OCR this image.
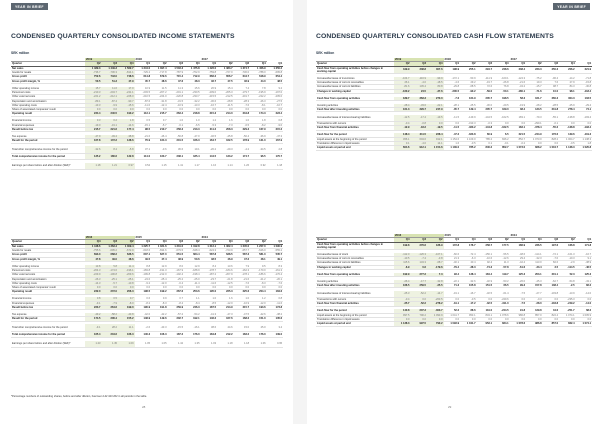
YEAR IN BRIEF
CONDENSED QUARTERLY CONSOLIDATED INCOME STATEMENTS
SEK million
	2019			2018				2017				
Quarter	Q2	Q3	Q4	Q1	Q2	Q3	Q4	Q1	Q2	Q3	Q4	Q1
Net sales	1 489.3	1 449.3	1 562.7	1 344.0	1 397.4	1 503.3	1 475.8	1 426.0	1 383.7	1 374.7	1 406.9	1 350.2
Goods for resale	-736.7	-706.3	-814.1	-729.2	-717.8	-787.9	-762.9	-759.8	-727.0	-730.0	-788.0	-695.8
Gross profit	752.6	743.0	748.6	614.8	679.6	715.4	712.9	666.2	656.7	644.7	618.9	654.4
Gross profit margin, %	50.5	51.3	47.9	45.7	48.6	47.6	48.3	46.7	47.5	46.9	44.0	48.5

Other operating income	15.7	11.6	17.0	10.9	11.5	11.3	15.6	20.9	15.4	7.4	7.8	9.2
Personnel costs	-210.3	-204.7	-241.1	-203.5	-207.2	-201.1	-230.5	-209.0	-205.3	-179.7	-195.9	-197.0
Other external costs	-221.2	-212.1	-228.0	-210.5	-224.0	-220.8	-233.7	-215.5	-212.5	-201.7	-222.2	-205.0
Depreciation and amortisation	-89.1	-87.4	-90.7	-87.6	-31.8	-31.5	-32.2	-30.6	-28.8	-28.3	-26.3	-27.5
Other operating costs	-13.3	-9.9	-15.6	-11.0	-12.4	-10.9	-13.3	-16.7	-11.5	-7.6	-8.1	-10.7
Share of associated companies' result	0.0	0.0	0.0	0.0	0.0	0.0	0.0	0.0	0.0	0.0	0.0	0.0
Operating result	234.4	240.5	190.2	113.1	215.7	263.4	218.8	215.3	214.0	234.8	174.3	223.4

Financial income	0.3	0.2	1.8	0.5	0.7	1.0	1.0	1.2	1.6	1.0	1.8	0.8
Financial expenses	-19.0	-19.1	-14.6	-15.1	-5.7	-6.1	-6.5	-5.3	-7.3	-6.5	-8.2	-9.0
Result before tax	215.7	221.6	177.4	98.5	210.7	258.3	213.3	211.2	208.3	229.3	167.9	215.2

Tax expense	-47.9	-49.4	-38.8	-21.6	-46.4	-56.8	-47.0	-46.5	-45.8	-50.4	-36.9	-47.3
Result for the period	167.8	172.2	138.6	76.9	164.3	201.5	166.3	164.7	162.5	178.9	131.0	167.9

Total other comprehensive income for the period	-32.6	8.4	-5.8	37.1	-0.6	36.6	19.1	-20.2	-29.3	-4.2	-34.5	2.8
Total comprehensive income for the period	135.2	180.6	132.8	114.0	163.7	238.1	185.4	144.5	133.2	174.7	96.5	170.7

Earnings per share before and after dilution (SEK)*	1.18	1.21	0.97	0.54	1.15	1.41	1.17	1.16	1.14	1.26	0.92	1.18
	2016			2015				2014				
Quarter	Q4	Q3	Q2	Q1	Q4	Q3	Q2	Q1	Q4	Q3	Q2	Q1
Net sales	1 448.6	1 363.4	1 309.4	1 225.7	1 321.6	1 331.0	1 312.8	1 212.1	1 362.4	1 245.0	1 207.0	1 090.9
Goods for resale	-755.6	-695.2	-672.9	-618.6	-694.6	-679.5	-648.4	-624.3	-723.9	-657.7	-626.0	-555.2
Gross profit	693.0	668.2	636.5	607.1	627.0	651.5	664.4	587.8	638.5	587.3	581.0	535.7
Gross profit margin, %	47.8	49.0	48.6	49.5	47.4	48.9	50.6	48.5	46.9	47.2	48.1	49.1

Other operating income	13.8	5.8	11.4	8.8	12.9	8.0	12.9	8.4	13.6	7.9	9.5	8.3
Personnel costs	-204.3	-174.6	-196.1	-183.8	-191.3	-167.9	-188.9	-178.7	-184.6	-162.3	-170.0	-161.3
Other external costs	-229.9	-196.8	-209.6	-199.8	-212.0	-192.4	-198.4	-187.2	-207.9	-178.1	-186.6	-170.4
Depreciation and amortisation	-26.3	-25.1	-25.1	-24.6	-25.4	-25.2	-25.0	-23.7	-21.8	-21.6	-21.2	-20.1
Other operating costs	-14.3	-5.7	-10.8	-9.2	-12.0	-6.4	-11.4	-11.6	-12.5	-7.6	-8.3	-7.6
Share of associated companies' result	0.0	0.0	0.0	0.0	0.0	0.0	0.0	0.0	0.0	0.0	0.0	0.0
Operating result	232.0	272.0	206.3	198.5	199.2	267.6	253.6	195.0	225.3	225.6	204.4	184.6

Financial income	0.8	0.5	0.7	0.6	0.9	0.7	1.1	1.0	1.6	1.0	1.2	0.8
Financial expenses	-9.1	-7.9	-8.0	-8.2	-8.3	-8.4	-8.4	-8.5	-12.0	-10.9	-12.0	-11.6
Result before tax	223.7	264.6	199.0	190.9	191.8	259.9	246.3	187.5	214.9	215.7	193.6	173.8

Tax expense	-49.2	-58.2	-43.8	-42.0	-42.2	-57.2	-54.2	-41.3	-47.3	-47.5	-42.6	-38.2
Result for the period	174.5	206.4	155.2	148.9	149.6	202.7	192.1	146.2	167.6	168.2	151.0	135.6

Total other comprehensive income for the period	-9.1	28.2	11.1	-2.6	-43.3	-15.5	-16.1	38.6	44.6	15.0	25.0	3.4
Total comprehensive income for the period	165.4	234.6	166.3	146.3	106.3	187.2	176.0	184.8	212.2	183.2	176.0	139.0

Earnings per share before and after dilution (SEK)*	1.23	1.45	1.09	1.05	1.05	1.42	1.35	1.03	1.18	1.18	1.06	0.95
*Percentage numbers of outstanding shares, before and after dilution, has been 142 423 262 in all periods in the table.
28
YEAR IN BRIEF
CONDENSED QUARTERLY CONSOLIDATED CASH FLOW STATEMENTS
SEK million
	2019			2018				2017				
Quarter	Q2	Q3	Q4	Q1	Q2	Q3	Q4	Q1	Q2	Q3	Q4	Q1
Cash flow from operating activities before changes in working capital	349.9	338.8	307.6	198.9	255.1	294.7	248.6	238.4	233.3	250.3	206.2	221.9

Increase/decrease of inventories	-104.7	-116.9	-99.9	-172.1	-50.9	-111.9	-100.1	-124.3	-75.2	-96.4	-14.2	-71.8
Increase/decrease of current receivables	26.1	-4.0	-18.5	-4.6	29.2	-19.7	-26.8	-21.6	19.3	7.6	27.9	-15.8
Increase/decrease of current liabilities	-81.6	145.4	80.8	-29.8	-68.5	72.6	76.8	-34.2	-15.7	98.7	84.3	-30.8
Changes in working capital	-160.2	24.5	-37.6	-206.5	-90.2	-59.0	-50.1	-180.1	-71.6	10.0	98.1	-118.4

Cash flow from operating activities	189.7	363.3	270.0	-7.6	164.9	235.7	198.5	58.3	161.7	260.3	304.3	103.5

Investing activities	-28.4	-33.6	-22.1	-28.1	-25.5	-30.0	-29.5	-19.9	-28.2	-28.5	-25.9	-29.4
Cash flow after investing activities	161.3	329.7	247.9	-35.7	139.4	205.7	169.0	38.4	133.5	231.8	278.4	74.1

Increase/decrease of interest-bearing liabilities	-12.5	-17.4	-19.5	-11.5	-149.9	-144.5	-162.5	183.1	-79.3	-55.1	-138.8	-193.4
Transactions with owners	-0.4	-0.8	0.0	0.0	-313.3	-0.3	0.0	0.0	-299.1	-0.1	0.0	0.0
Cash flow from financial activities	-12.9	-18.2	-19.5	-11.5	-463.2	-144.8	-162.5	183.1	-378.4	-55.2	-138.8	-193.4

Cash flow for the period	148.4	311.5	228.4	-47.2	-323.8	60.9	6.5	221.5	-244.9	176.6	139.6	-119.3
Liquid assets at the beginning of the period	456.1	604.6	912.1	1 154.6	1 109.0	785.2	846.2	852.7	1 073.0	828.2	1 004.7	1 138.3
Translation difference in liquid assets	0.1	-4.0	14.1	1.6	-0.5	0.1	-0.1	-0.2	0.0	0.0	-0.5	1.8
Liquid assets at period end	604.6	912.1	1 154.6	1 109.0	785.2	846.2	852.7	1 073.0	828.2	1 004.7	1 138.3	1 020.8
	2016			2015				2014				
Quarter	Q4	Q3	Q2	Q1	Q4	Q3	Q2	Q1	Q4	Q3	Q2	Q1
Cash flow from operating activities before changes in working capital	199.8	276.6	186.9	172.8	176.7	258.7	177.5	186.9	236.5	197.6	166.8	171.8

Increase/decrease of stock	-112.0	-126.3	-107.1	-60.6	-72.4	-156.1	-56.5	-48.6	-114.1	-72.1	-101.3	-16.7
Increase/decrease of current receivables	-10.5	-7.4	-3.8	21.3	-6.3	-10.6	-12.6	29.4	-32.3	-7.0	-10.3	9.1
Increase/decrease of current liabilities	115.6	134.3	-68.7	-40.1	40.4	92.4	11.3	-42.4	113.0	82.6	-2.9	-38.9
Changes in working capital	-6.9	0.6	-179.6	-79.4	-38.3	-74.3	-57.8	-61.6	-33.4	3.5	-114.5	-46.5

Cash flow from operating activities	192.9	277.2	7.3	93.4	138.4	184.4	119.7	125.3	203.1	201.1	52.3	125.3

Investing activities	-26.4	-17.7	-32.8	-22.1	-32.6	-32.9	-53.2	-26.0	-45.3	-62.7	-54.8	-43.1
Cash flow after investing activities	166.5	259.5	-25.5	71.3	105.8	151.5	66.5	99.3	157.8	138.4	-2.5	82.2

Increase/decrease of interest-bearing liabilities	-25.3	-52.2	-14.7	-19.1	-16.7	-32.5	-61.4	-7.5	-27.7	-103.8	-13.9	-14.0
Transactions with owners	-0.4	0.0	-263.5	0.0	-0.5	0.0	-249.6	0.0	-0.3	0.0	-235.3	0.0
Cash flow from financial activities	-25.7	-52.2	-278.2	-19.1	-17.2	-32.5	-311.0	-7.5	-28.0	-103.8	-249.2	-14.0

Cash flow for the period	140.8	207.3	-303.7	52.2	88.6	119.0	-244.5	91.8	129.8	34.6	-251.7	68.2
Liquid assets at the beginning of the period	997.5	790.2	1 093.9	1 041.7	953.1	834.1	1 078.6	986.8	857.0	822.4	1 074.1	1 005.9
Translation difference in liquid assets	0.0	0.0	0.0	0.0	0.0	0.0	0.0	0.0	0.0	0.0	0.0	0.0
Liquid assets at period end	1 138.3	997.5	790.2	1 093.9	1 041.7	953.1	834.1	1 078.6	986.8	857.0	822.4	1 074.1
29
